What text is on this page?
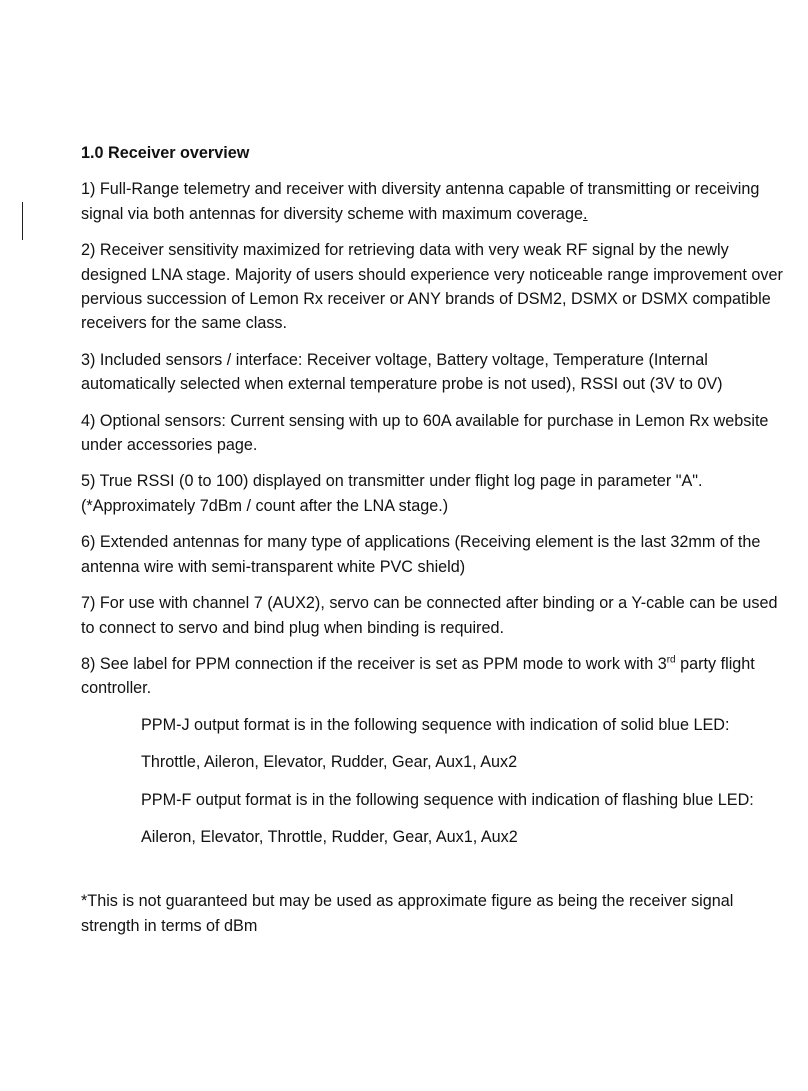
1.0 Receiver overview
1) Full-Range telemetry and receiver with diversity antenna capable of transmitting or receiving signal via both antennas for diversity scheme with maximum coverage.
2) Receiver sensitivity maximized for retrieving data with very weak RF signal by the newly designed LNA stage. Majority of users should experience very noticeable range improvement over pervious succession of Lemon Rx receiver or ANY brands of DSM2, DSMX or DSMX compatible receivers for the same class.
3) Included sensors / interface: Receiver voltage, Battery voltage, Temperature (Internal automatically selected when external temperature probe is not used), RSSI out (3V to 0V)
4) Optional sensors: Current sensing with up to 60A available for purchase in Lemon Rx website under accessories page.
5) True RSSI (0 to 100) displayed on transmitter under flight log page in parameter "A".
(*Approximately 7dBm / count after the LNA stage.)
6) Extended antennas for many type of applications (Receiving element is the last 32mm of the antenna wire with semi-transparent white PVC shield)
7) For use with channel 7 (AUX2), servo can be connected after binding or a Y-cable can be used to connect to servo and bind plug when binding is required.
8) See label for PPM connection if the receiver is set as PPM mode to work with 3rd party flight controller.
PPM-J output format is in the following sequence with indication of solid blue LED:
Throttle, Aileron, Elevator, Rudder, Gear, Aux1, Aux2
PPM-F output format is in the following sequence with indication of flashing blue LED:
Aileron, Elevator, Throttle, Rudder, Gear, Aux1, Aux2
*This is not guaranteed but may be used as approximate figure as being the receiver signal strength in terms of dBm
